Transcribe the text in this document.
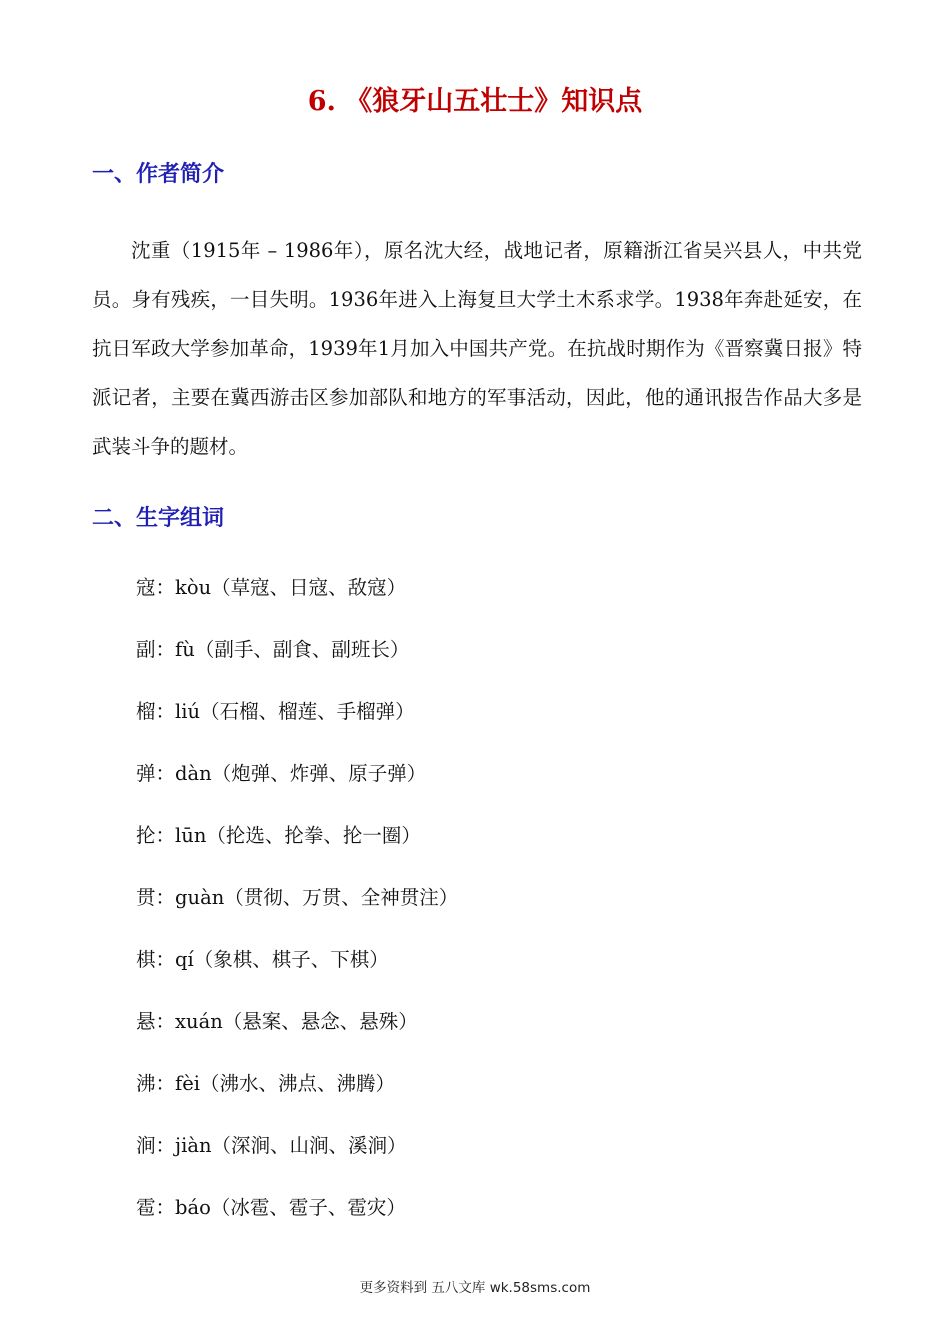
6. 《狼牙山五壮士》知识点
一、作者简介

沈重（1915年 – 1986年），原名沈大经，战地记者，原籍浙江省吴兴县人，中共党员。身有残疾，一目失明。1936年进入上海复旦大学土木系求学。1938年奔赴延安，在抗日军政大学参加革命，1939年1月加入中国共产党。在抗战时期作为《晋察冀日报》特派记者，主要在冀西游击区参加部队和地方的军事活动，因此，他的通讯报告作品大多是武装斗争的题材。

二、生字组词
寇：kòu（草寇、日寇、敌寇）
副：fù（副手、副食、副班长）
榴：liú（石榴、榴莲、手榴弹）
弹：dàn（炮弹、炸弹、原子弹）
抡：lūn（抡选、抡拳、抡一圈）
贯：guàn（贯彻、万贯、全神贯注）
棋：qí（象棋、棋子、下棋）
悬：xuán（悬案、悬念、悬殊）
沸：fèi（沸水、沸点、沸腾）
涧：jiàn（深涧、山涧、溪涧）
雹：báo（冰雹、雹子、雹灾）
更多资料到 五八文库 wk.58sms.com
